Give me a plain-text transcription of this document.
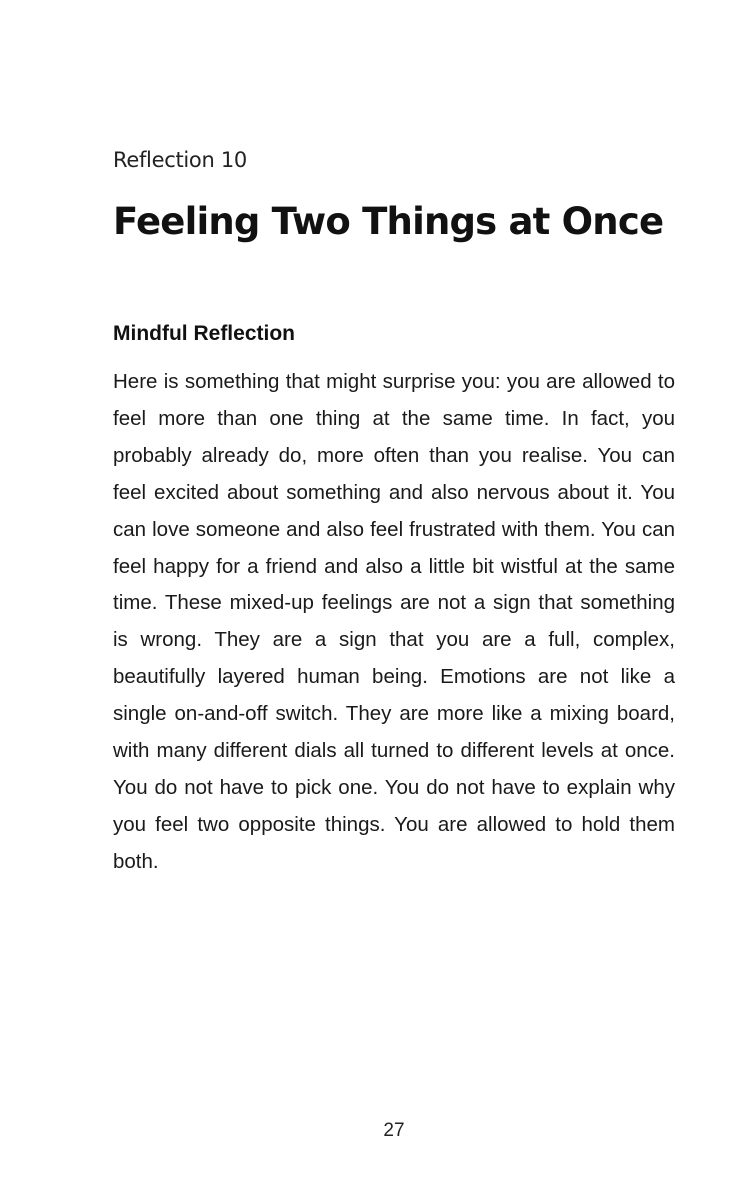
Reflection 10

Feeling Two Things at Once
Mindful Reflection

Here is something that might surprise you: you are allowed to feel more than one thing at the same time. In fact, you probably already do, more often than you realise. You can feel excited about something and also nervous about it. You can love someone and also feel frustrated with them. You can feel happy for a friend and also a little bit wistful at the same time. These mixed-up feelings are not a sign that something is wrong. They are a sign that you are a full, complex, beautifully layered human being. Emotions are not like a single on-and-off switch. They are more like a mixing board, with many different dials all turned to different levels at once. You do not have to pick one. You do not have to explain why you feel two opposite things. You are allowed to hold them both.

27
